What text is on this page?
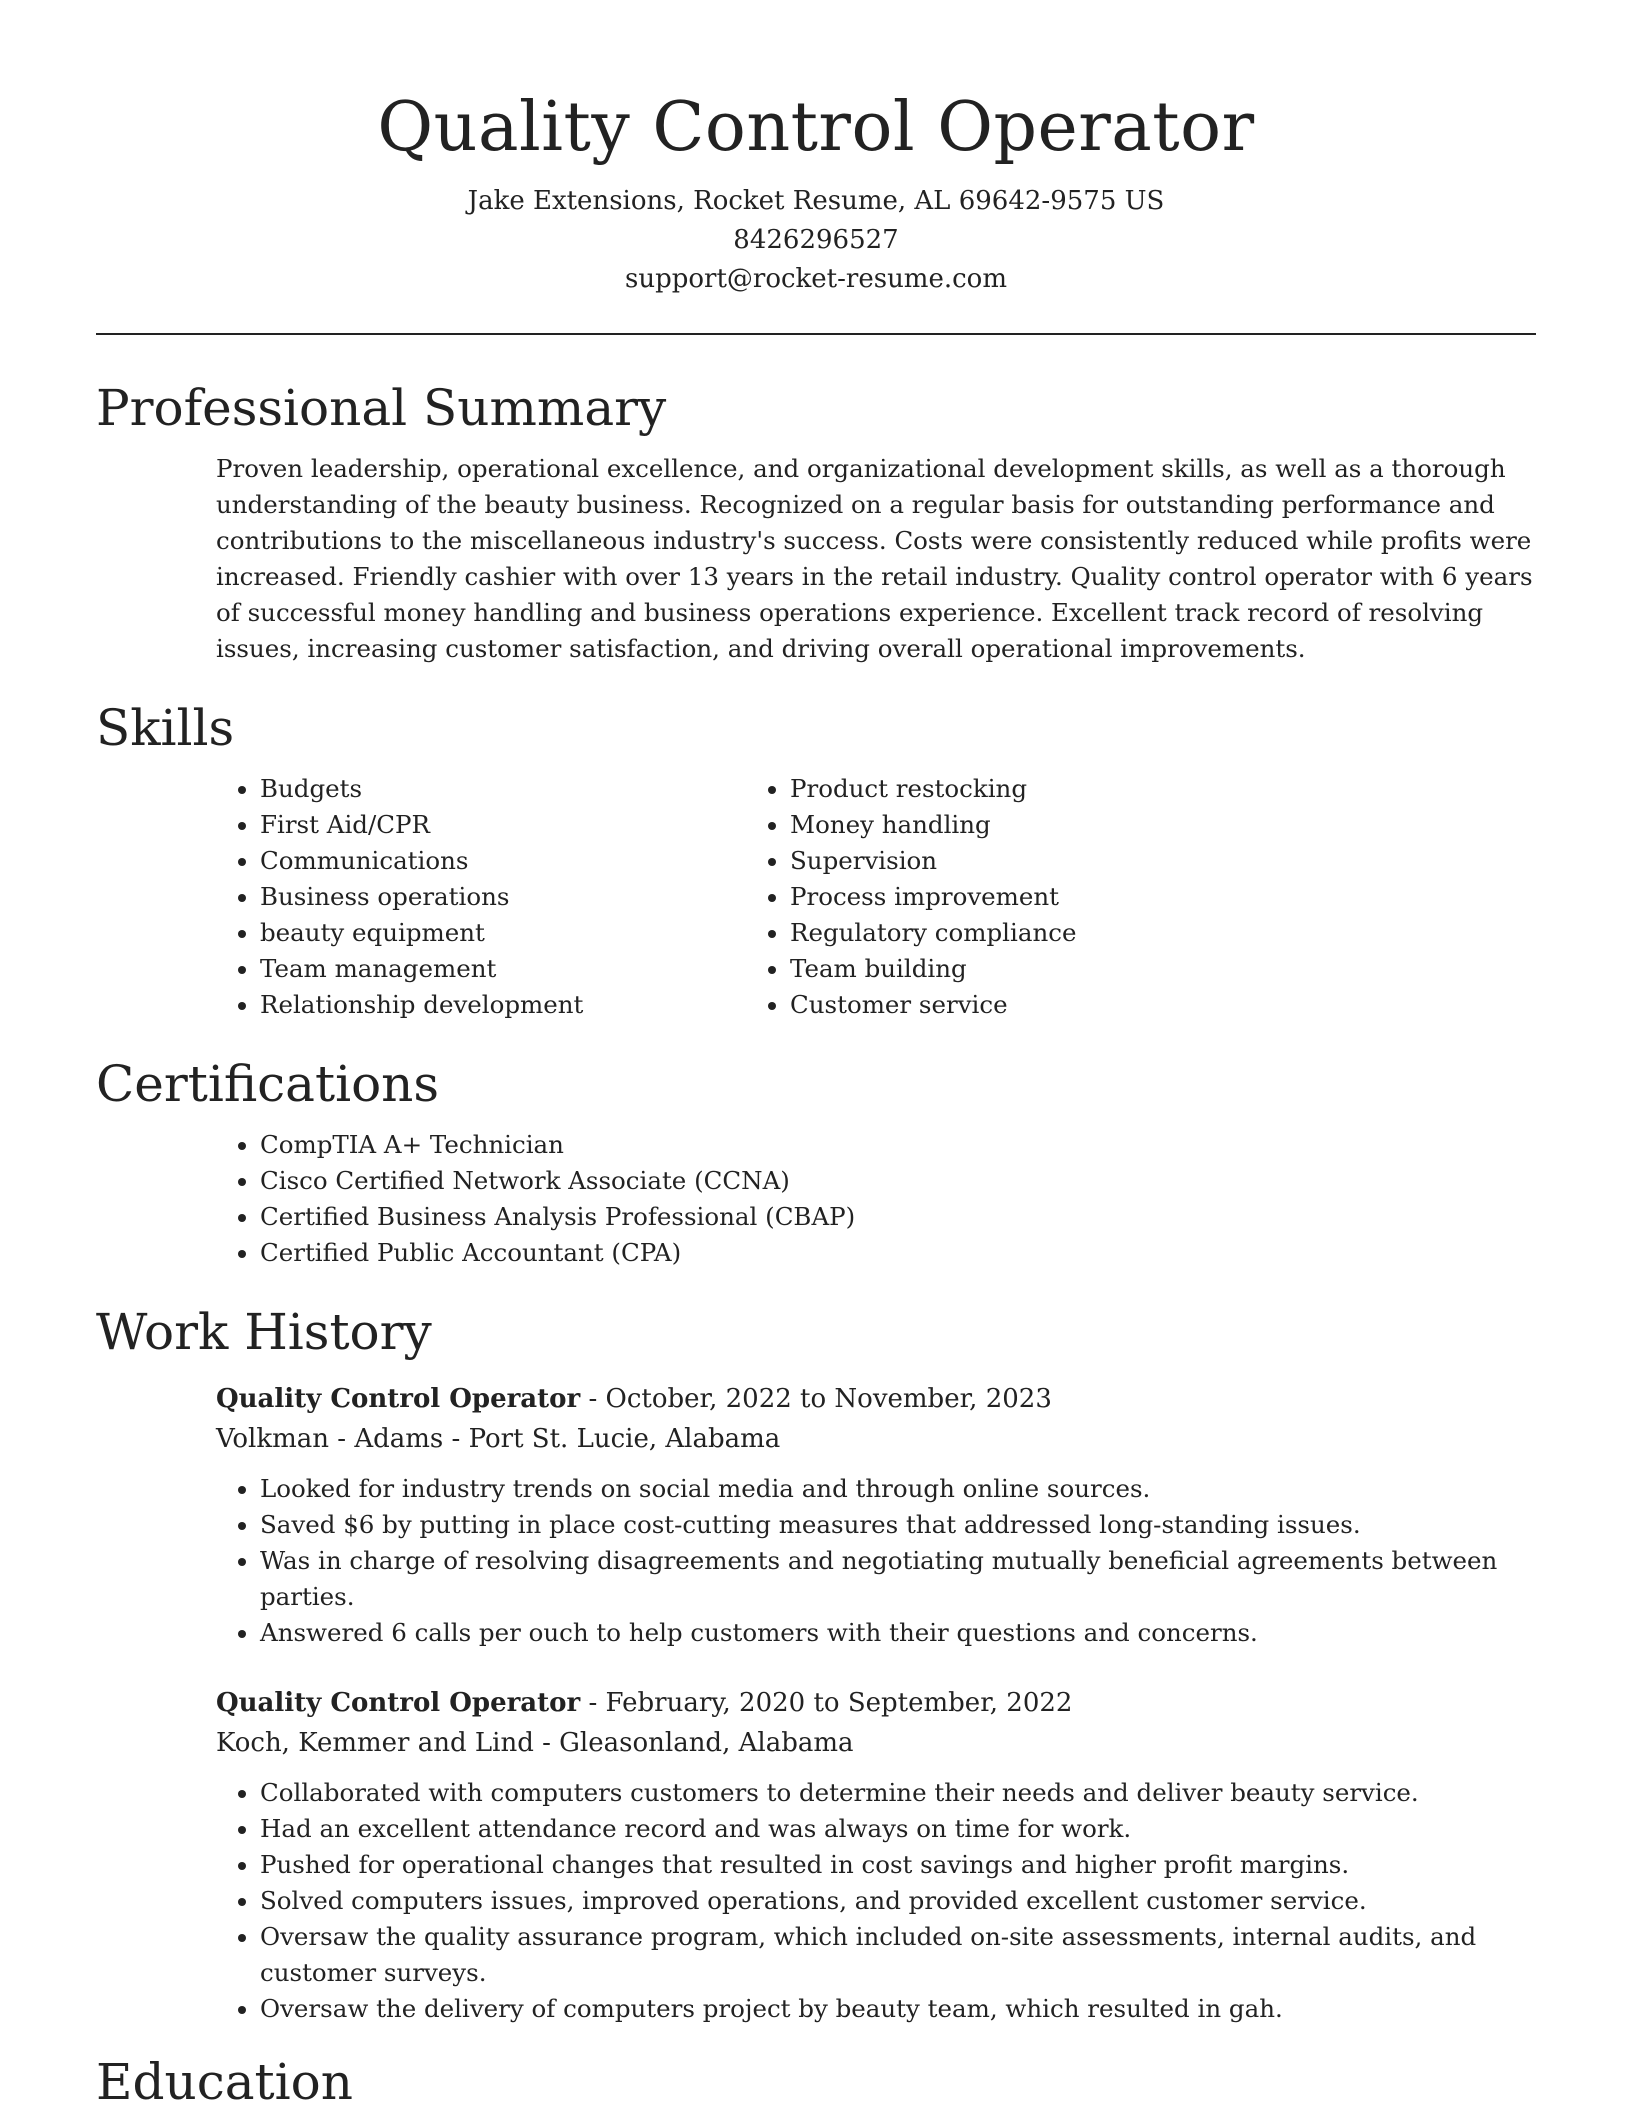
Quality Control Operator

Jake Extensions, Rocket Resume, AL 69642-9575 US

8426296527

support@rocket-resume.com

Professional Summary

Proven leadership, operational excellence, and organizational development skills, as well as a thorough understanding of the beauty business. Recognized on a regular basis for outstanding performance and contributions to the miscellaneous industry's success. Costs were consistently reduced while profits were increased. Friendly cashier with over 13 years in the retail industry. Quality control operator with 6 years of successful money handling and business operations experience. Excellent track record of resolving issues, increasing customer satisfaction, and driving overall operational improvements.

Skills
• Budgets
• First Aid/CPR
• Communications
• Business operations
• beauty equipment
• Team management
• Relationship development
• Product restocking
• Money handling
• Supervision
• Process improvement
• Regulatory compliance
• Team building
• Customer service
Certifications
• CompTIA A+ Technician
• Cisco Certified Network Associate (CCNA)
• Certified Business Analysis Professional (CBAP)
• Certified Public Accountant (CPA)
Work History

Quality Control Operator - October, 2022 to November, 2023

Volkman - Adams - Port St. Lucie, Alabama

• Looked for industry trends on social media and through online sources.
• Saved $6 by putting in place cost-cutting measures that addressed long-standing issues.
• Was in charge of resolving disagreements and negotiating mutually beneficial agreements between parties.
• Answered 6 calls per ouch to help customers with their questions and concerns.

Quality Control Operator - February, 2020 to September, 2022

Koch, Kemmer and Lind - Gleasonland, Alabama

• Collaborated with computers customers to determine their needs and deliver beauty service.
• Had an excellent attendance record and was always on time for work.
• Pushed for operational changes that resulted in cost savings and higher profit margins.
• Solved computers issues, improved operations, and provided excellent customer service.
• Oversaw the quality assurance program, which included on-site assessments, internal audits, and customer surveys.
• Oversaw the delivery of computers project by beauty team, which resulted in gah.
Education
